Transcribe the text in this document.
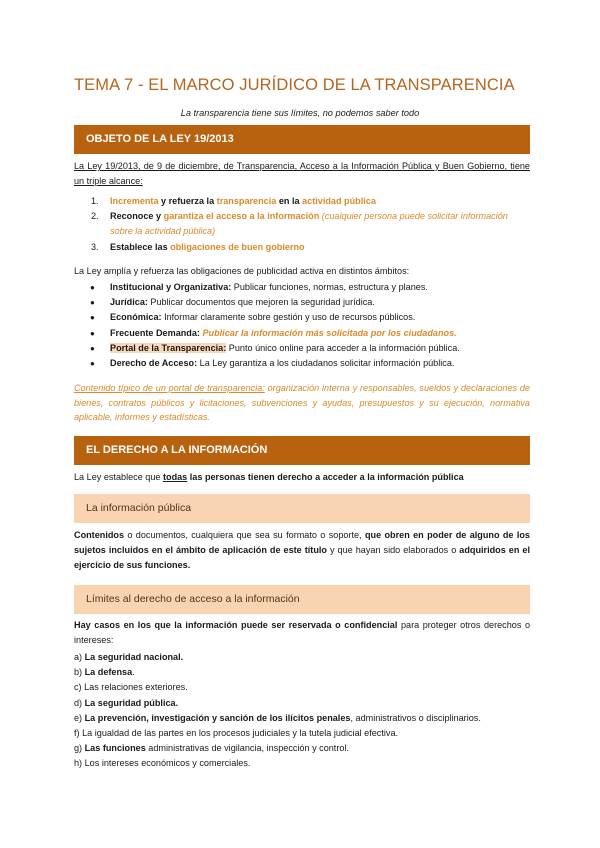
TEMA 7 - EL MARCO JURÍDICO DE LA TRANSPARENCIA
La transparencia tiene sus límites, no podemos saber todo
OBJETO DE LA LEY 19/2013
La Ley 19/2013, de 9 de diciembre, de Transparencia, Acceso a la Información Pública y Buen Gobierno, tiene un triple alcance:
1. Incrementa y refuerza la transparencia en la actividad pública
2. Reconoce y garantiza el acceso a la información (cualquier persona puede solicitar información sobre la actividad pública)
3. Establece las obligaciones de buen gobierno
La Ley amplía y refuerza las obligaciones de publicidad activa en distintos ámbitos:
● Institucional y Organizativa: Publicar funciones, normas, estructura y planes.
● Jurídica: Publicar documentos que mejoren la seguridad jurídica.
● Económica: Informar claramente sobre gestión y uso de recursos públicos.
● Frecuente Demanda: Publicar la información más solicitada por los ciudadanos.
● Portal de la Transparencia: Punto único online para acceder a la información pública.
● Derecho de Acceso: La Ley garantiza a los ciudadanos solicitar información pública.
Contenido típico de un portal de transparencia: organización interna y responsables, sueldos y declaraciones de bienes, contratos públicos y licitaciones, subvenciones y ayudas, presupuestos y su ejecución, normativa aplicable, informes y estadísticas.
EL DERECHO A LA INFORMACIÓN
La Ley establece que todas las personas tienen derecho a acceder a la información pública
La información pública
Contenidos o documentos, cualquiera que sea su formato o soporte, que obren en poder de alguno de los sujetos incluidos en el ámbito de aplicación de este título y que hayan sido elaborados o adquiridos en el ejercicio de sus funciones.
Límites al derecho de acceso a la información
Hay casos en los que la información puede ser reservada o confidencial para proteger otros derechos o intereses:
a) La seguridad nacional.
b) La defensa.
c) Las relaciones exteriores.
d) La seguridad pública.
e) La prevención, investigación y sanción de los ilícitos penales, administrativos o disciplinarios.
f) La igualdad de las partes en los procesos judiciales y la tutela judicial efectiva.
g) Las funciones administrativas de vigilancia, inspección y control.
h) Los intereses económicos y comerciales.
